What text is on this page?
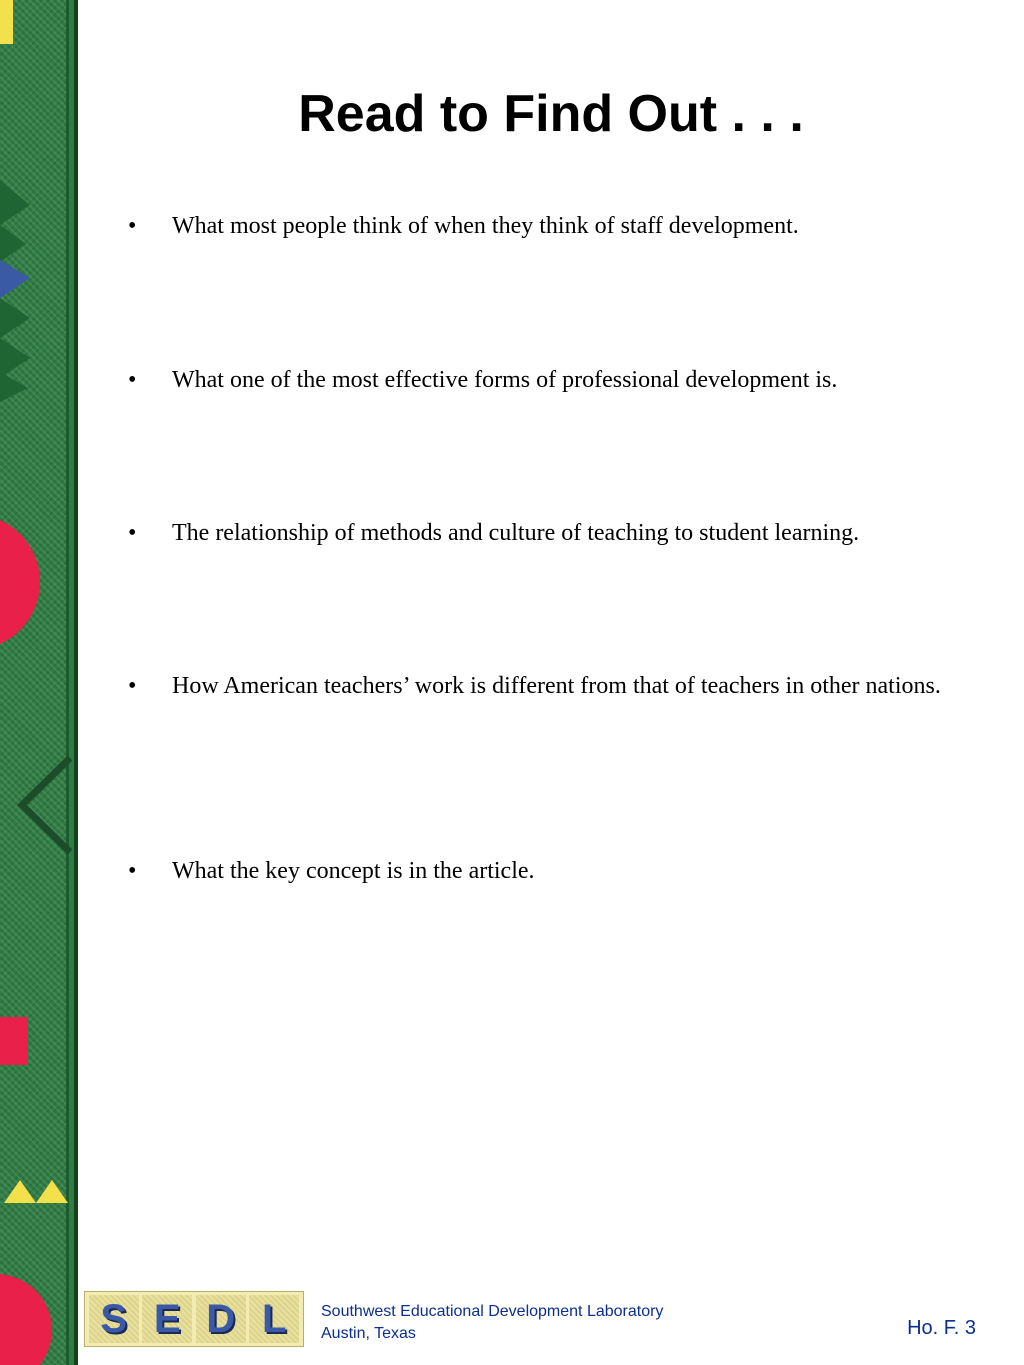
Read to Find Out . . .
• What most people think of when they think of staff development.
• What one of the most effective forms of professional development is.
• The relationship of methods and culture of teaching to student learning.
• How American teachers’ work is different from that of teachers in other nations.
• What the key concept is in the article.
S E D L	Southwest Educational Development Laboratory
Austin, Texas	Ho. F. 3
